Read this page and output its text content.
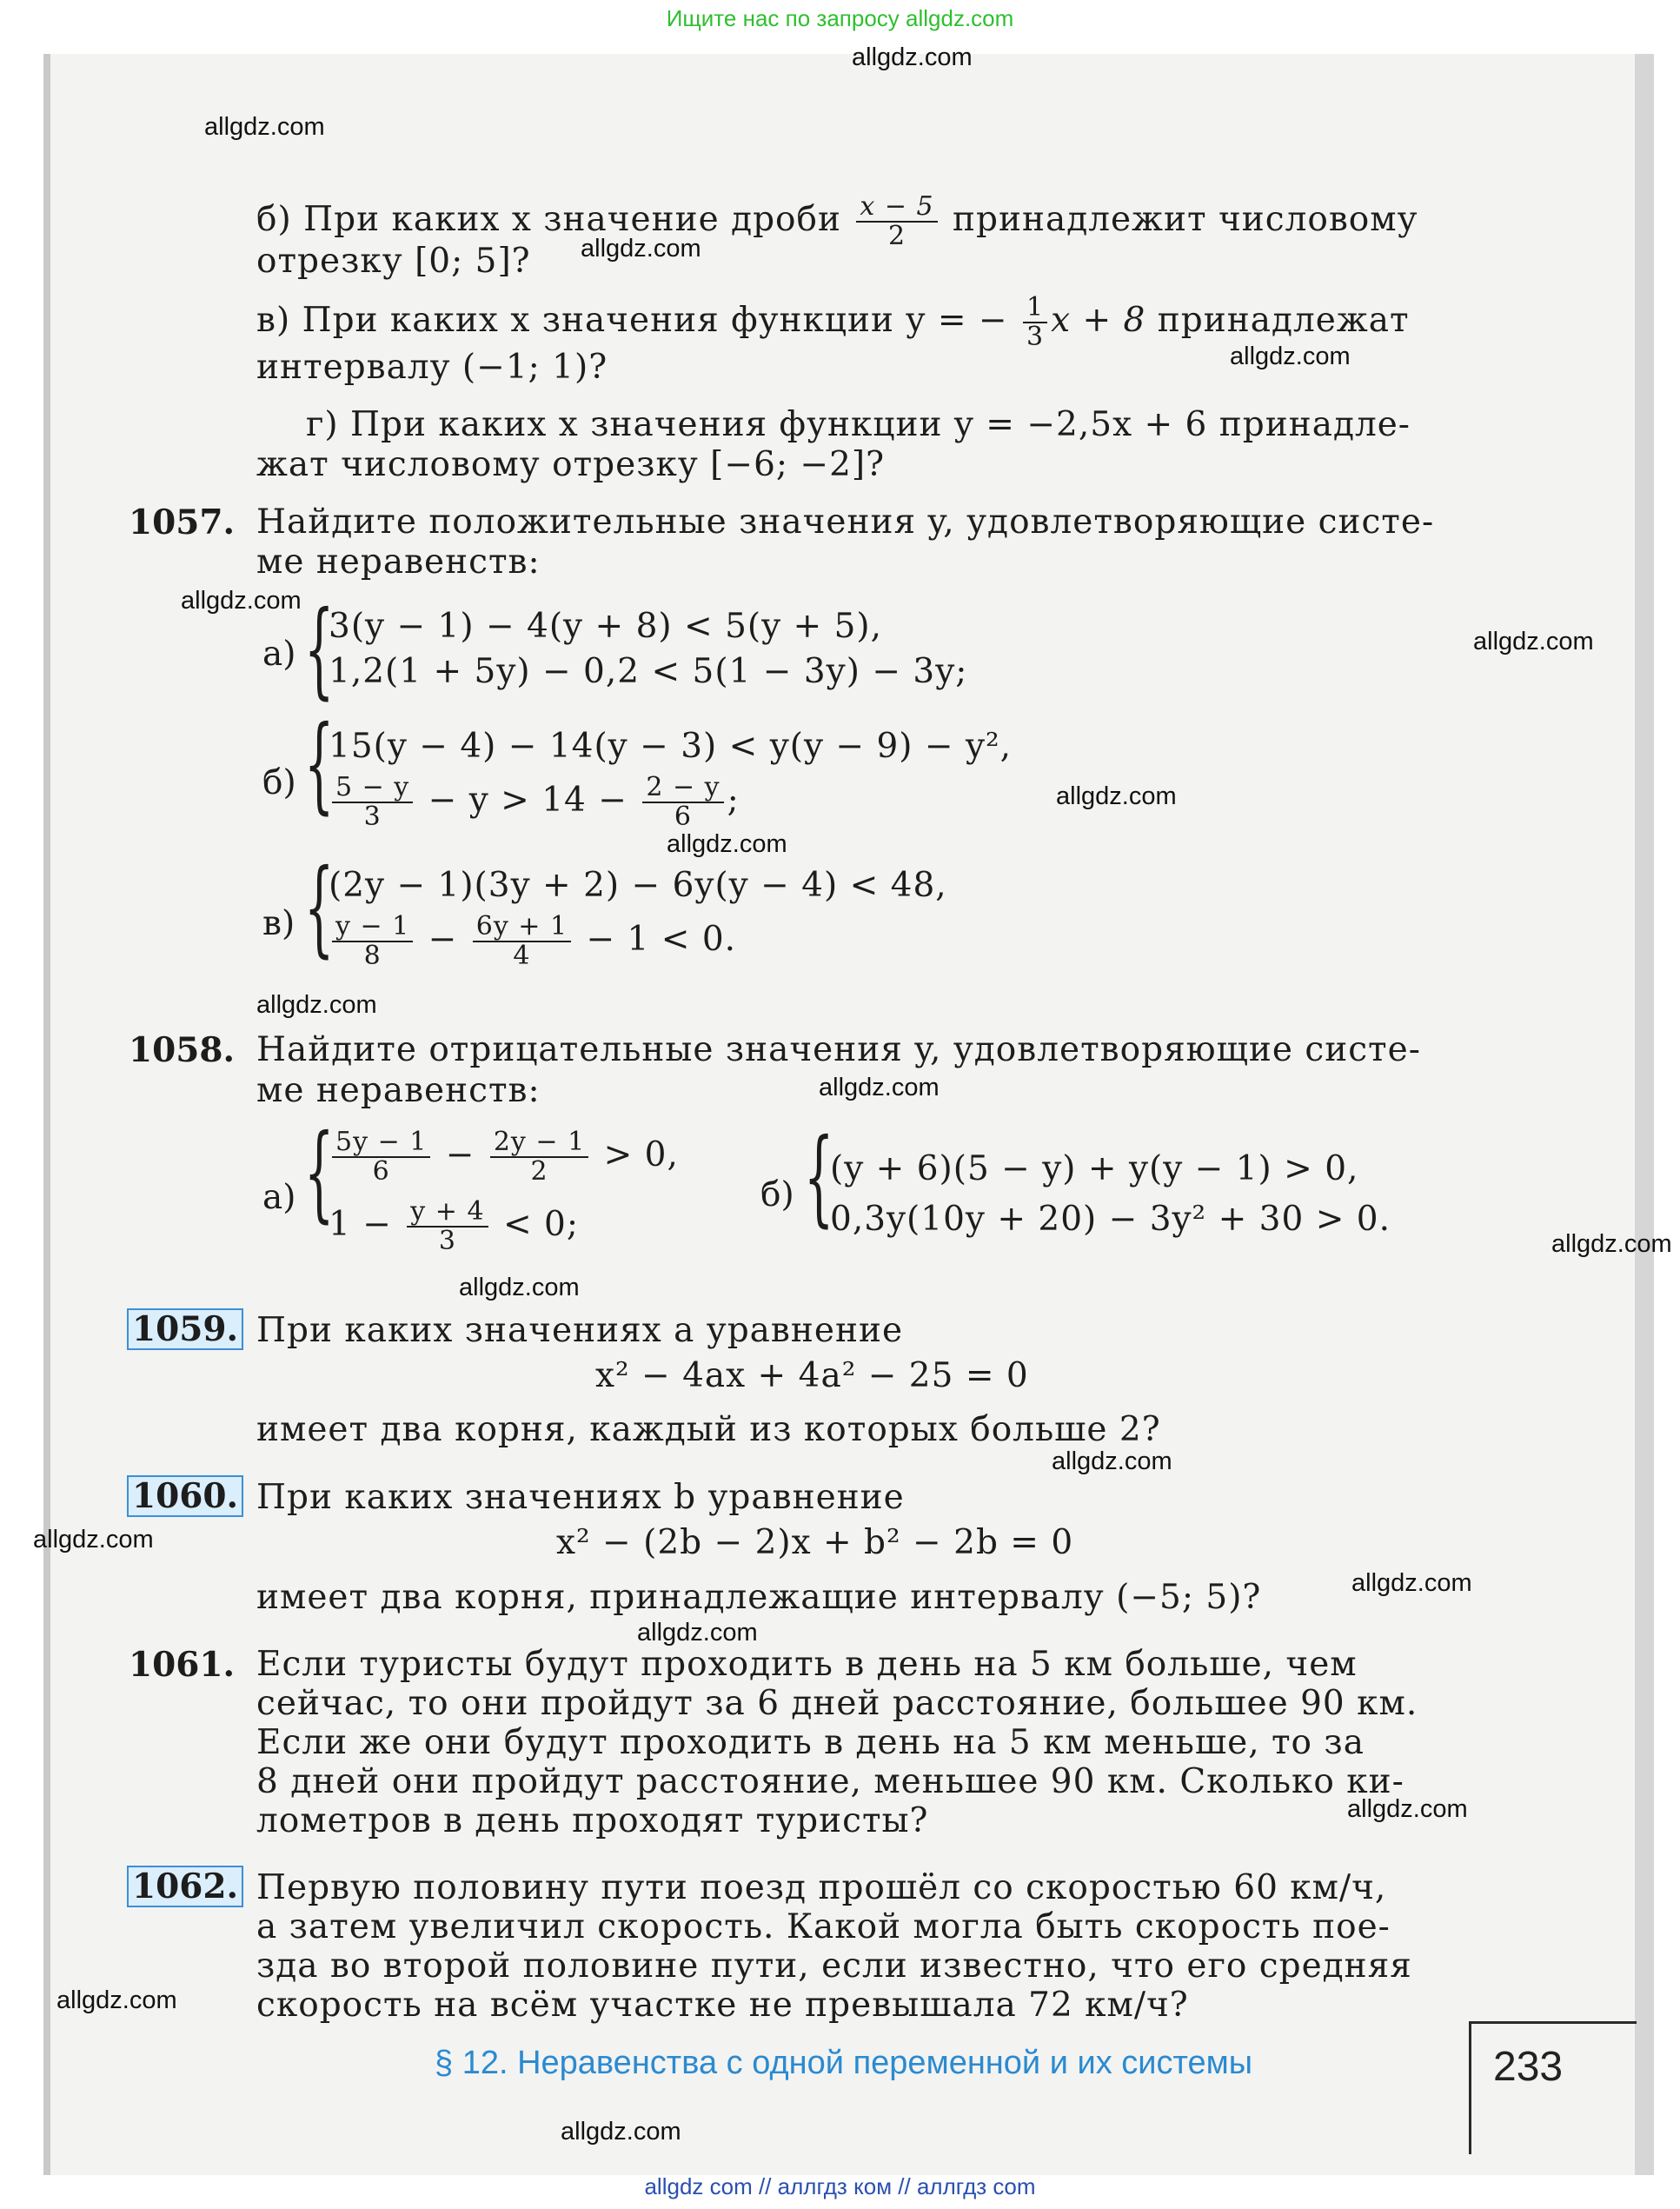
Ищите нас по запросу allgdz.com
allgdz.com
allgdz.com
allgdz.com
allgdz.com
allgdz.com
allgdz.com
allgdz.com
allgdz.com
allgdz.com
allgdz.com
allgdz.com
allgdz.com
allgdz.com
allgdz.com
allgdz.com
allgdz.com
allgdz.com
allgdz.com
allgdz.com
б) При каких x значение дроби $\frac{x - 5}{2}$ принадлежит числовому
отрезку [0; 5]?
в) При каких x значения функции y = − $\frac{1}{3}$ x + 8 принадлежат
интервалу (−1; 1)?
г) При каких x значения функции y = −2,5x + 6 принадле-
жат числовому отрезку [−6; −2]?
1057. Найдите положительные значения y, удовлетворяющие систе-
ме неравенств:
а) {
3(y − 1) − 4(y + 8) < 5(y + 5),
1,2(1 + 5y) − 0,2 < 5(1 − 3y) − 3y;
б) {
15(y − 4) − 14(y − 3) < y(y − 9) − y²,
$\frac{5 - y}{3} - y > 14 - \frac{2 - y}{6}$ ;
в) {
(2y − 1)(3y + 2) − 6y(y − 4) < 48,
$\frac{y - 1}{8} - \frac{6y + 1}{4} - 1 < 0$.
1058. Найдите отрицательные значения y, удовлетворяющие систе-
ме неравенств:
а) {
$\frac{5y - 1}{6} - \frac{2y - 1}{2} > 0$,
$1 - \frac{y + 4}{3} < 0$;
б) {
(y + 6)(5 − y) + y(y − 1) > 0,
0,3y(10y + 20) − 3y² + 30 > 0.
1059. При каких значениях a уравнение
x² − 4ax + 4a² − 25 = 0
имеет два корня, каждый из которых больше 2?
1060. При каких значениях b уравнение
x² − (2b − 2)x + b² − 2b = 0
имеет два корня, принадлежащие интервалу (−5; 5)?
1061. Если туристы будут проходить в день на 5 км больше, чем
сейчас, то они пройдут за 6 дней расстояние, большее 90 км.
Если же они будут проходить в день на 5 км меньше, то за
8 дней они пройдут расстояние, меньшее 90 км. Сколько ки-
лометров в день проходят туристы?
1062. Первую половину пути поезд прошёл со скоростью 60 км/ч,
а затем увеличил скорость. Какой могла быть скорость пое-
зда во второй половине пути, если известно, что его средняя
скорость на всём участке не превышала 72 км/ч?
§ 12. Неравенства с одной переменной и их системы	233
allgdz com // аллгдз ком // аллгдз com
